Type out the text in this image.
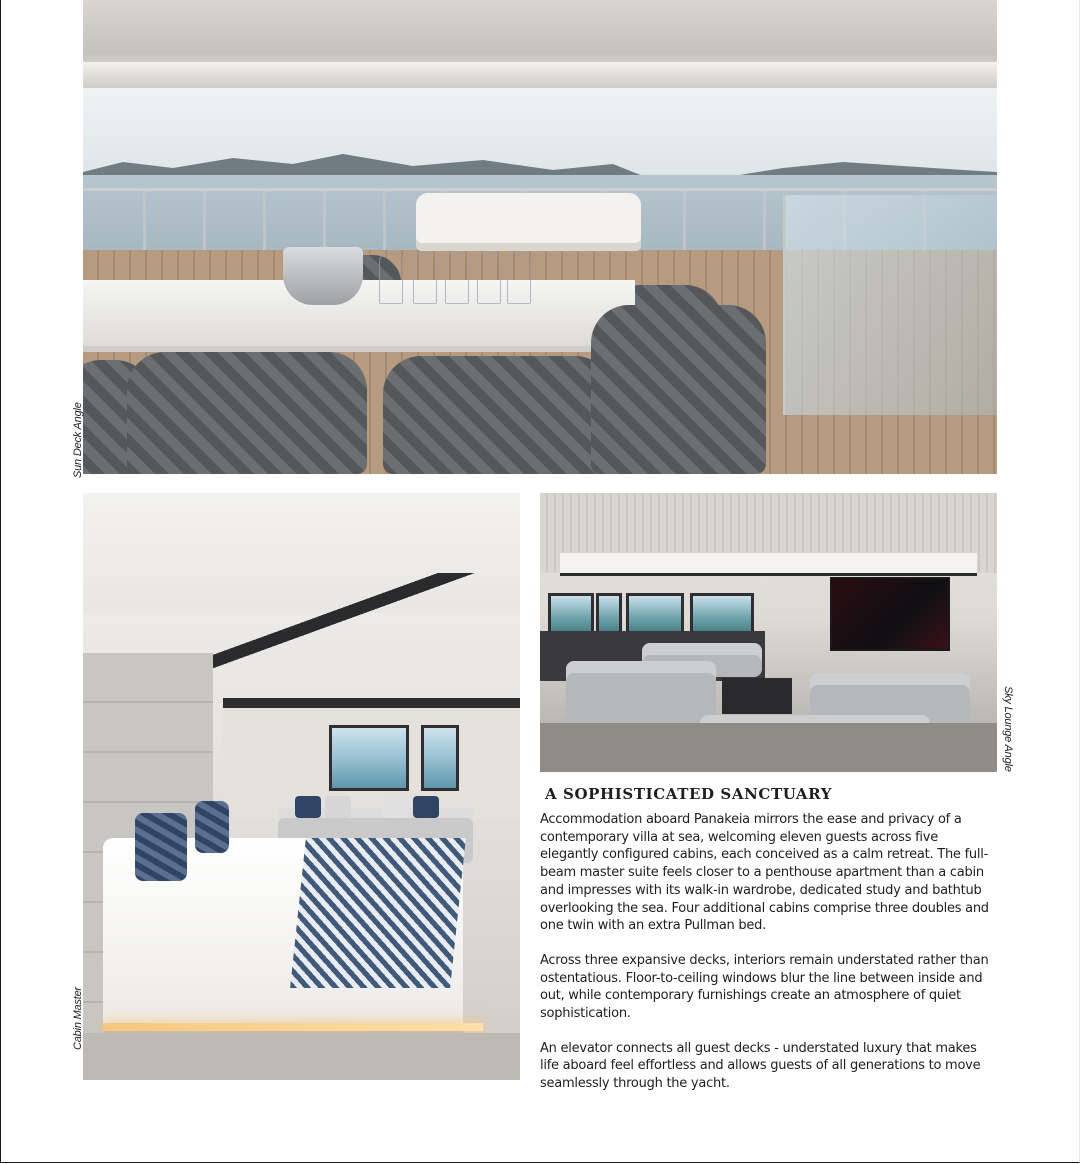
Sun Deck Angle
Cabin Master
Sky Lounge Angle
A SOPHISTICATED SANCTUARY

Accommodation aboard Panakeia mirrors the ease and privacy of a contemporary villa at sea, welcoming eleven guests across five elegantly configured cabins, each conceived as a calm retreat. The full-beam master suite feels closer to a penthouse apartment than a cabin and impresses with its walk-in wardrobe, dedicated study and bathtub overlooking the sea. Four additional cabins comprise three doubles and one twin with an extra Pullman bed.

Across three expansive decks, interiors remain understated rather than ostentatious. Floor-to-ceiling windows blur the line between inside and out, while contemporary furnishings create an atmosphere of quiet sophistication.

An elevator connects all guest decks - understated luxury that makes life aboard feel effortless and allows guests of all generations to move seamlessly through the yacht.
